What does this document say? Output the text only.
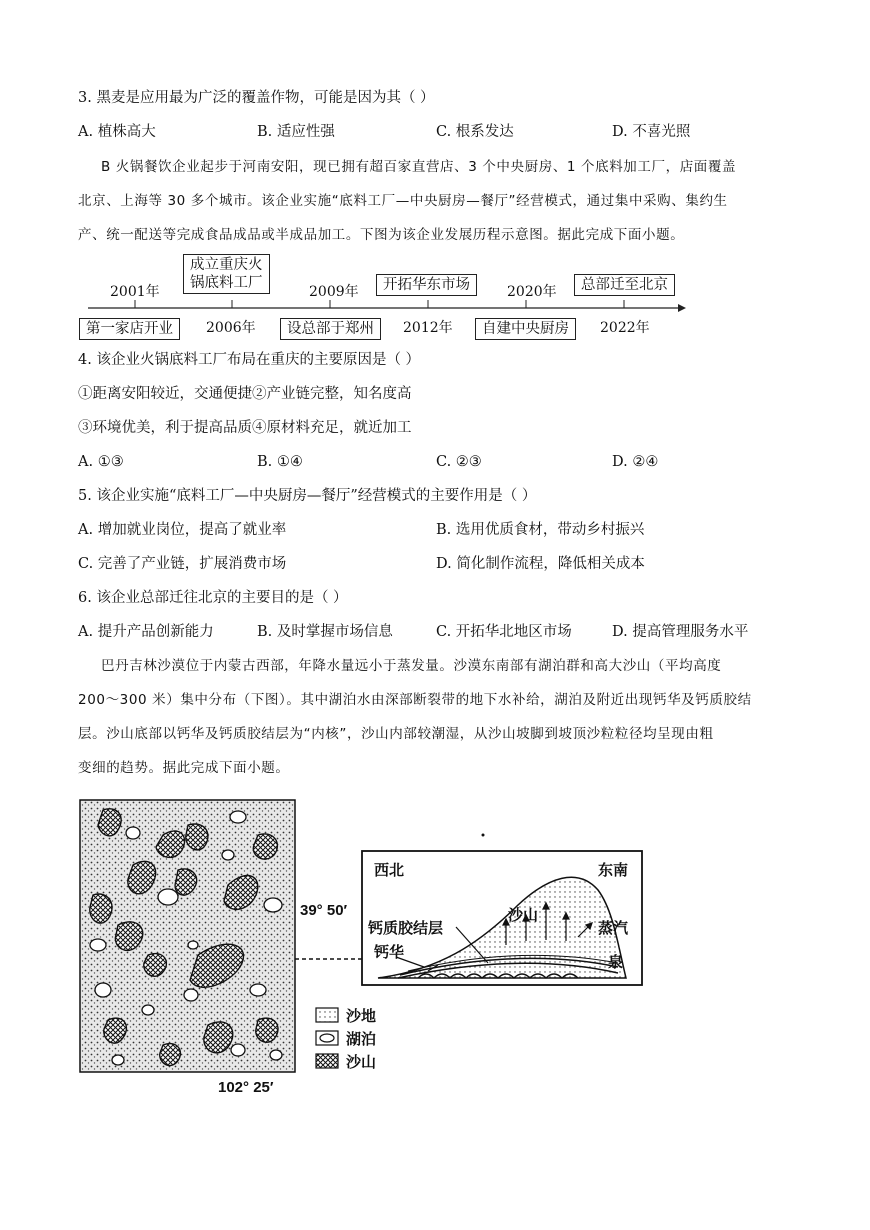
3. 黑麦是应用最为广泛的覆盖作物，可能是因为其（ ）
A. 植株高大	B. 适应性强	C. 根系发达	D. 不喜光照
B 火锅餐饮企业起步于河南安阳，现已拥有超百家直营店、3 个中央厨房、1 个底料加工厂，店面覆盖
北京、上海等 30 多个城市。该企业实施“底料工厂—中央厨房—餐厅”经营模式，通过集中采购、集约生
产、统一配送等完成食品成品或半成品加工。下图为该企业发展历程示意图。据此完成下面小题。
2001年
成立重庆火
锅底料工厂
2009年	开拓华东市场	2020年	总部迁至北京
第一家店开业	2006年	设总部于郑州	2012年	自建中央厨房	2022年
4. 该企业火锅底料工厂布局在重庆的主要原因是（ ）
①距离安阳较近，交通便捷②产业链完整，知名度高
③环境优美，利于提高品质④原材料充足，就近加工
A. ①③	B. ①④	C. ②③	D. ②④
5. 该企业实施“底料工厂—中央厨房—餐厅”经营模式的主要作用是（ ）
A. 增加就业岗位，提高了就业率	B. 选用优质食材，带动乡村振兴
C. 完善了产业链，扩展消费市场	D. 简化制作流程，降低相关成本
6. 该企业总部迁往北京的主要目的是（ ）
A. 提升产品创新能力	B. 及时掌握市场信息	C. 开拓华北地区市场	D. 提高管理服务水平
巴丹吉林沙漠位于内蒙古西部，年降水量远小于蒸发量。沙漠东南部有湖泊群和高大沙山（平均高度
200～300 米）集中分布（下图）。其中湖泊水由深部断裂带的地下水补给，湖泊及附近出现钙华及钙质胶结
层。沙山底部以钙华及钙质胶结层为“内核”，沙山内部较潮湿，从沙山坡脚到坡顶沙粒粒径均呈现由粗
变细的趋势。据此完成下面小题。
39° 50′
102° 25′
西北	东南
沙山
钙质胶结层
钙华
蒸汽
泉
沙地
湖泊
沙山
